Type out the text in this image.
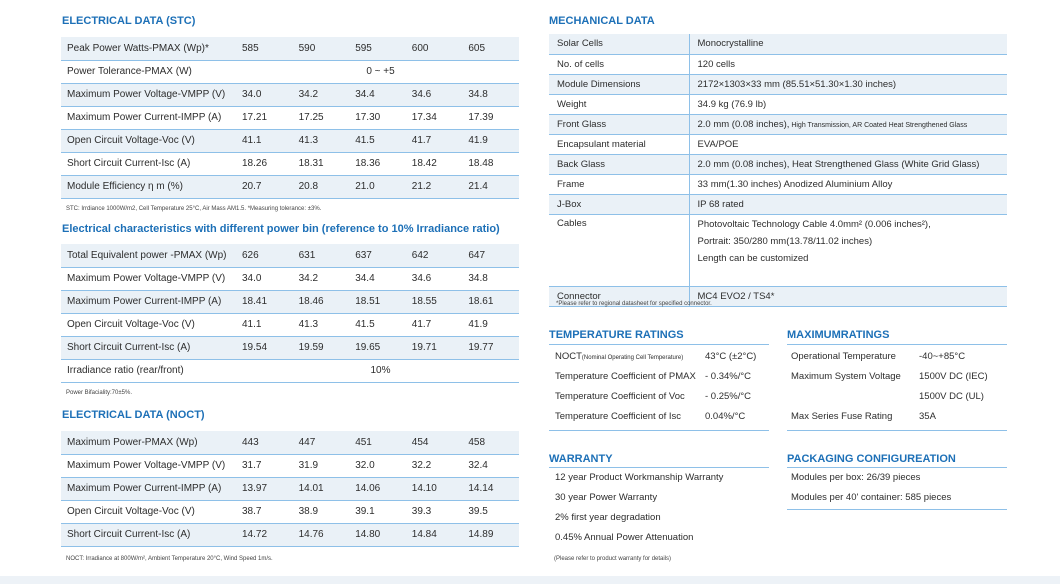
ELECTRICAL DATA (STC)
Peak Power Watts-PMAX (Wp)*	585	590	595	600	605
Power Tolerance-PMAX (W)	0 ~ +5				
Maximum Power Voltage-VMPP (V)	34.0	34.2	34.4	34.6	34.8
Maximum Power Current-IMPP (A)	17.21	17.25	17.30	17.34	17.39
Open Circuit Voltage-Voc (V)	41.1	41.3	41.5	41.7	41.9
Short Circuit Current-Isc (A)	18.26	18.31	18.36	18.42	18.48
Module Efficiency η m (%)	20.7	20.8	21.0	21.2	21.4
STC: Irrdiance 1000W/m2, Cell Temperature 25°C, Air Mass AM1.5. *Measuring tolerance: ±3%.
Electrical characteristics with different power bin (reference to 10% Irradiance ratio)
Total Equivalent power -PMAX (Wp)	626	631	637	642	647
Maximum Power Voltage-VMPP (V)	34.0	34.2	34.4	34.6	34.8
Maximum Power Current-IMPP (A)	18.41	18.46	18.51	18.55	18.61
Open Circuit Voltage-Voc (V)	41.1	41.3	41.5	41.7	41.9
Short Circuit Current-Isc (A)	19.54	19.59	19.65	19.71	19.77
Irradiance ratio (rear/front)	10%				
Power Bifaciality:70±5%.
ELECTRICAL DATA (NOCT)
Maximum Power-PMAX (Wp)	443	447	451	454	458
Maximum Power Voltage-VMPP (V)	31.7	31.9	32.0	32.2	32.4
Maximum Power Current-IMPP (A)	13.97	14.01	14.06	14.10	14.14
Open Circuit Voltage-Voc (V)	38.7	38.9	39.1	39.3	39.5
Short Circuit Current-Isc (A)	14.72	14.76	14.80	14.84	14.89
NOCT: Irradiance at 800W/m², Ambient Temperature 20°C, Wind Speed 1m/s.
MECHANICAL DATA
Solar Cells	Monocrystalline
No. of cells	120 cells
Module Dimensions	2172×1303×33 mm (85.51×51.30×1.30 inches)
Weight	34.9 kg (76.9 lb)
Front Glass	2.0 mm (0.08 inches), High Transmission, AR Coated Heat Strengthened Glass
Encapsulant material	EVA/POE
Back Glass	2.0 mm (0.08 inches), Heat Strengthened Glass (White Grid Glass)
Frame	33 mm(1.30 inches) Anodized Aluminium Alloy
J-Box	IP 68 rated
Cables	Photovoltaic Technology Cable 4.0mm² (0.006 inches²),
Portrait: 350/280 mm(13.78/11.02 inches)
Length can be customized

Connector	MC4 EVO2 / TS4*
*Please refer to regional datasheet for specified connector.
TEMPERATURE RATINGS
NOCT(Nominal Operating Cell Temperature)	43°C (±2°C)
Temperature Coefficient of PMAX	- 0.34%/°C
Temperature Coefficient of Voc	- 0.25%/°C
Temperature Coefficient of Isc	0.04%/°C
MAXIMUMRATINGS
Operational Temperature	-40~+85°C
Maximum System Voltage	1500V DC (IEC)
	1500V DC (UL)
Max Series Fuse Rating	35A
WARRANTY
12 year Product Workmanship Warranty
30 year Power Warranty
2% first year degradation
0.45% Annual Power Attenuation
(Please refer to product warranty for details)
PACKAGING CONFIGUREATION
Modules per box: 26/39 pieces
Modules per 40' container: 585 pieces
